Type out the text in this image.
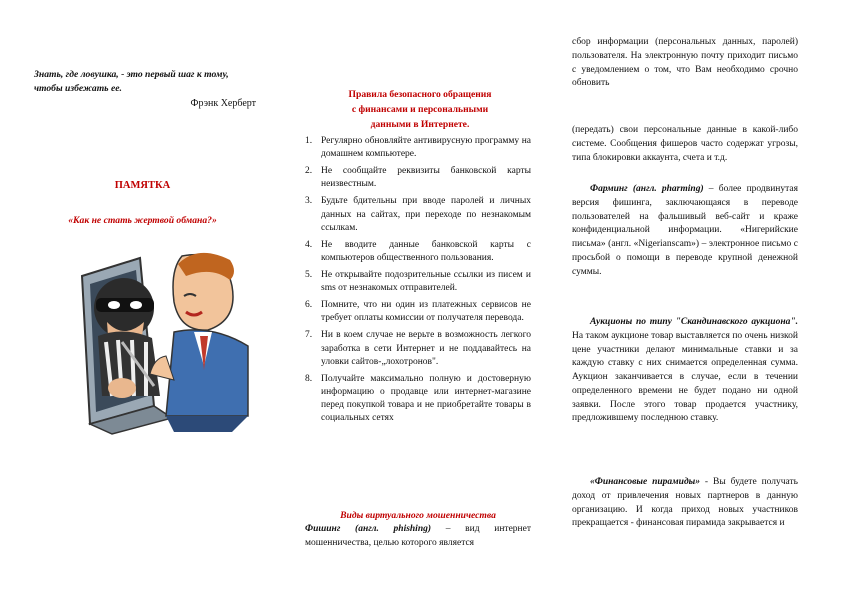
Знать, где ловушка, - это первый шаг к тому, чтобы избежать ее.
Фрэнк Херберт
ПАМЯТКА
«Как не стать жертвой обмана?»
Правила безопасного обращения
с финансами и персональными
данными в Интернете.
1. Регулярно обновляйте антивирусную программу на домашнем компьютере.
2. Не сообщайте реквизиты банковской карты неизвестным.
3. Будьте бдительны при вводе паролей и личных данных на сайтах, при переходе по незнакомым ссылкам.
4. Не вводите данные банковской карты с компьютеров общественного пользования.
5. Не открывайте подозрительные ссылки из писем и sms от незнакомых отправителей.
6. Помните, что ни один из платежных сервисов не требует оплаты комиссии от получателя перевода.
7. Ни в коем случае не верьте в возможность легкого заработка в сети Интернет и не поддавайтесь на уловки сайтов-„лохотронов".
8. Получайте максимально полную и достоверную информацию о продавце или интернет-магазине перед покупкой товара и не приобретайте товары в социальных сетях
Виды виртуального мошенничества
Фишинг (англ. phishing) – вид интернет мошенничества, целью которого является

сбор информации (персональных данных, паролей) пользователя. На электронную почту приходит письмо с уведомлением о том, что Вам необходимо срочно обновить

(передать) свои персональные данные в какой-либо системе. Сообщения фишеров часто содержат угрозы, типа блокировки аккаунта, счета и т.д.

Фарминг (англ. pharming) – более продвинутая версия фишинга, заключающаяся в переводе пользователей на фальшивый веб-сайт и краже конфиденциальной информации. «Нигерийские письма» (англ. «Nigerianscam») – электронное письмо с просьбой о помощи в переводе крупной денежной суммы.

Аукционы по типу "Скандинавского аукциона". На таком аукционе товар выставляется по очень низкой цене участники делают минимальные ставки и за каждую ставку с них снимается определенная сумма. Аукцион заканчивается в случае, если в течении определенного времени не будет подано ни одной заявки. После этого товар продается участнику, предложившему последнюю ставку.

«Финансовые пирамиды» - Вы будете получать доход от привлечения новых партнеров в данную организацию. И когда приход новых участников прекращается - финансовая пирамида закрывается и
